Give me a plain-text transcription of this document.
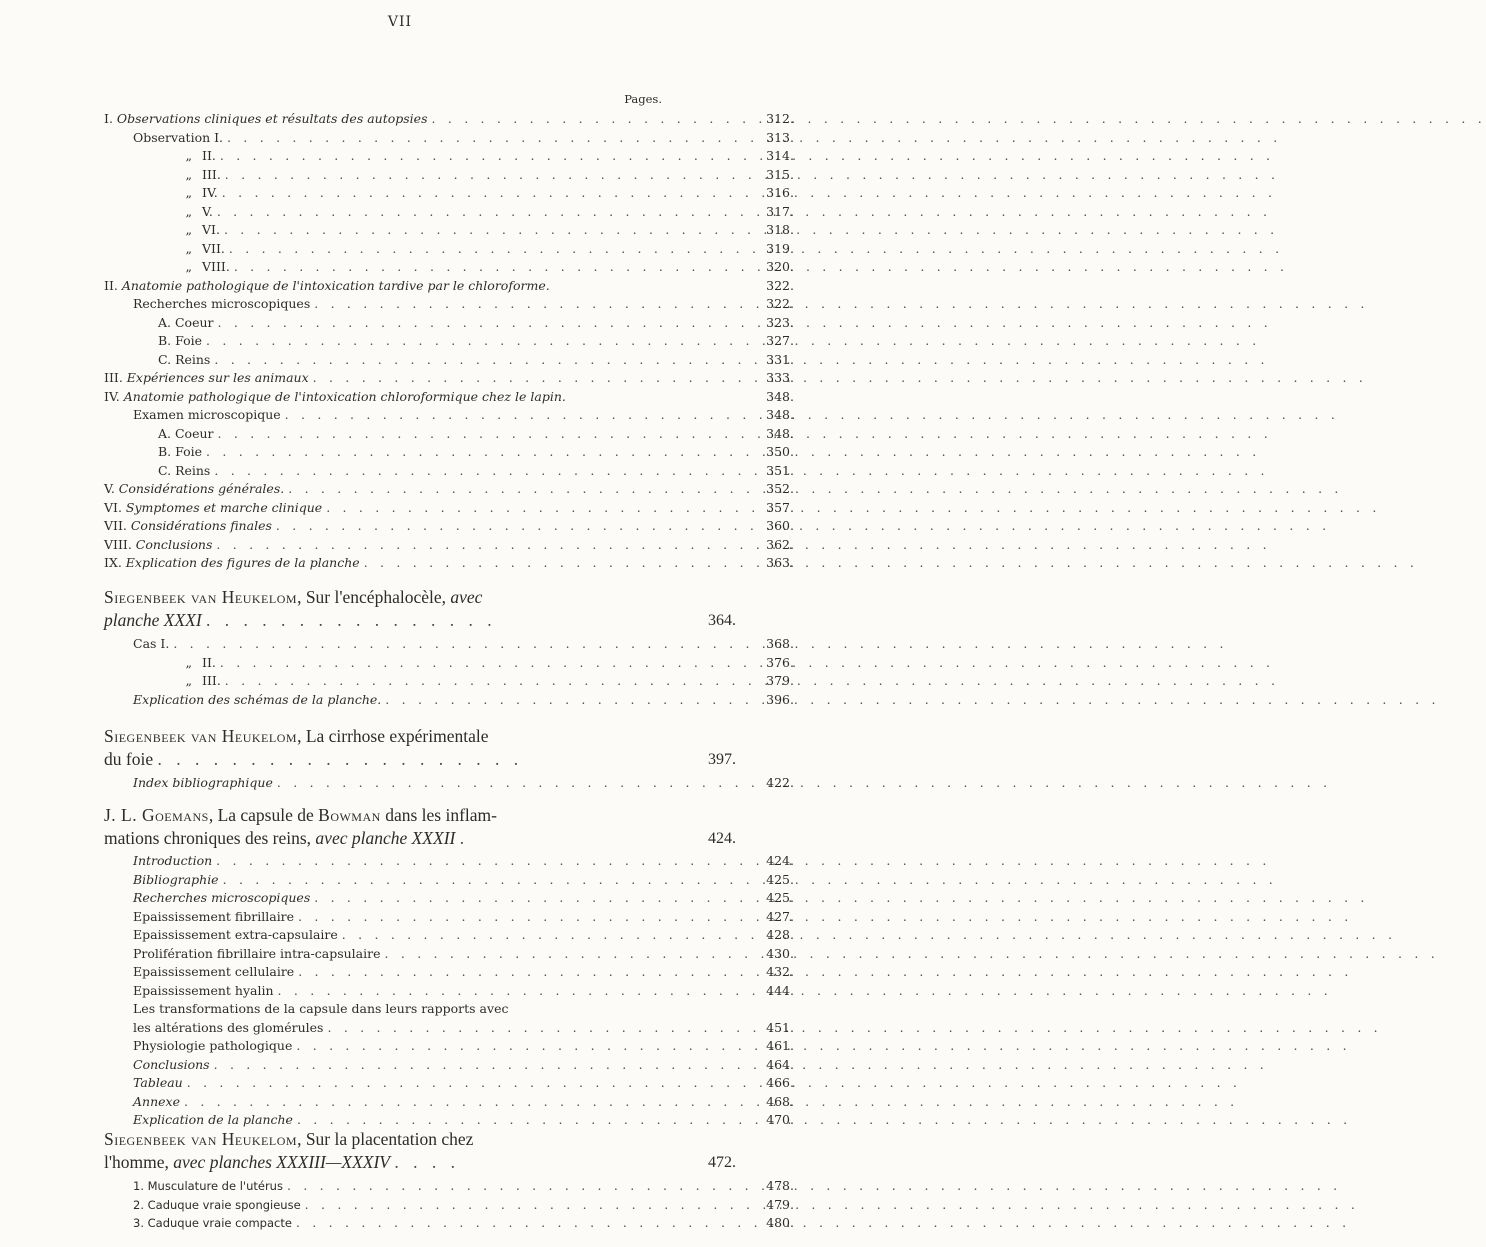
VII
Pages.
I. Observations cliniques et résultats des autopsies . . .	312.
Observation I. . . .	313.
„ II. . . .	314.
„ III. . . .	315.
„ IV. . . .	316.
„ V. . . .	317.
„ VI. . . .	318.
„ VII. . . .	319.
„ VIII. . . .	320.
II. Anatomie pathologique de l'intoxication tardive par le chloroforme.	322.
Recherches microscopiques . . .	322.
A. Coeur . . .	323.
B. Foie . . .	327.
C. Reins . . .	331.
III. Expériences sur les animaux . . .	333.
IV. Anatomie pathologique de l'intoxication chloroformique chez le lapin.	348.
Examen microscopique . . .	348.
A. Coeur . . .	348.
B. Foie . . .	350.
C. Reins . . .	351.
V. Considérations générales. . . .	352.
VI. Symptomes et marche clinique . . .	357.
VII. Considérations finales . . .	360.
VIII. Conclusions . . .	362.
IX. Explication des figures de la planche . . .	363.
Siegenbeek van Heukelom, Sur l'encéphalocèle, avec
planche XXXI . . . . . . . . . . . . . . . .	364.
Cas I. . . .	368.
„ II. . . .	376.
„ III. . . .	379.
Explication des schémas de la planche. . . .	396.
Siegenbeek van Heukelom, La cirrhose expérimentale
du foie . . . . . . . . . . . . . . . . . . . .	397.
Index bibliographique . . .	422.
J. L. Goemans, La capsule de Bowman dans les inflam-
mations chroniques des reins, avec planche XXXII .	424.
Introduction . . .	424.
Bibliographie . . .	425.
Recherches microscopiques . . .	425.
Epaississement fibrillaire . . .	427.
Epaississement extra-capsulaire . . .	428.
Prolifération fibrillaire intra-capsulaire . . .	430.
Epaississement cellulaire . . .	432.
Epaississement hyalin . . .	444.
Les transformations de la capsule dans leurs rapports avec
les altérations des glomérules . . .	451.
Physiologie pathologique . . .	461.
Conclusions . . .	464.
Tableau . . .	466.
Annexe . . .	468.
Explication de la planche . . .	470.
Siegenbeek van Heukelom, Sur la placentation chez
l'homme, avec planches XXXIII—XXXIV . . . .	472.
1. Musculature de l'utérus . . .	478.
2. Caduque vraie spongieuse . . .	479.
3. Caduque vraie compacte . . .	480.
